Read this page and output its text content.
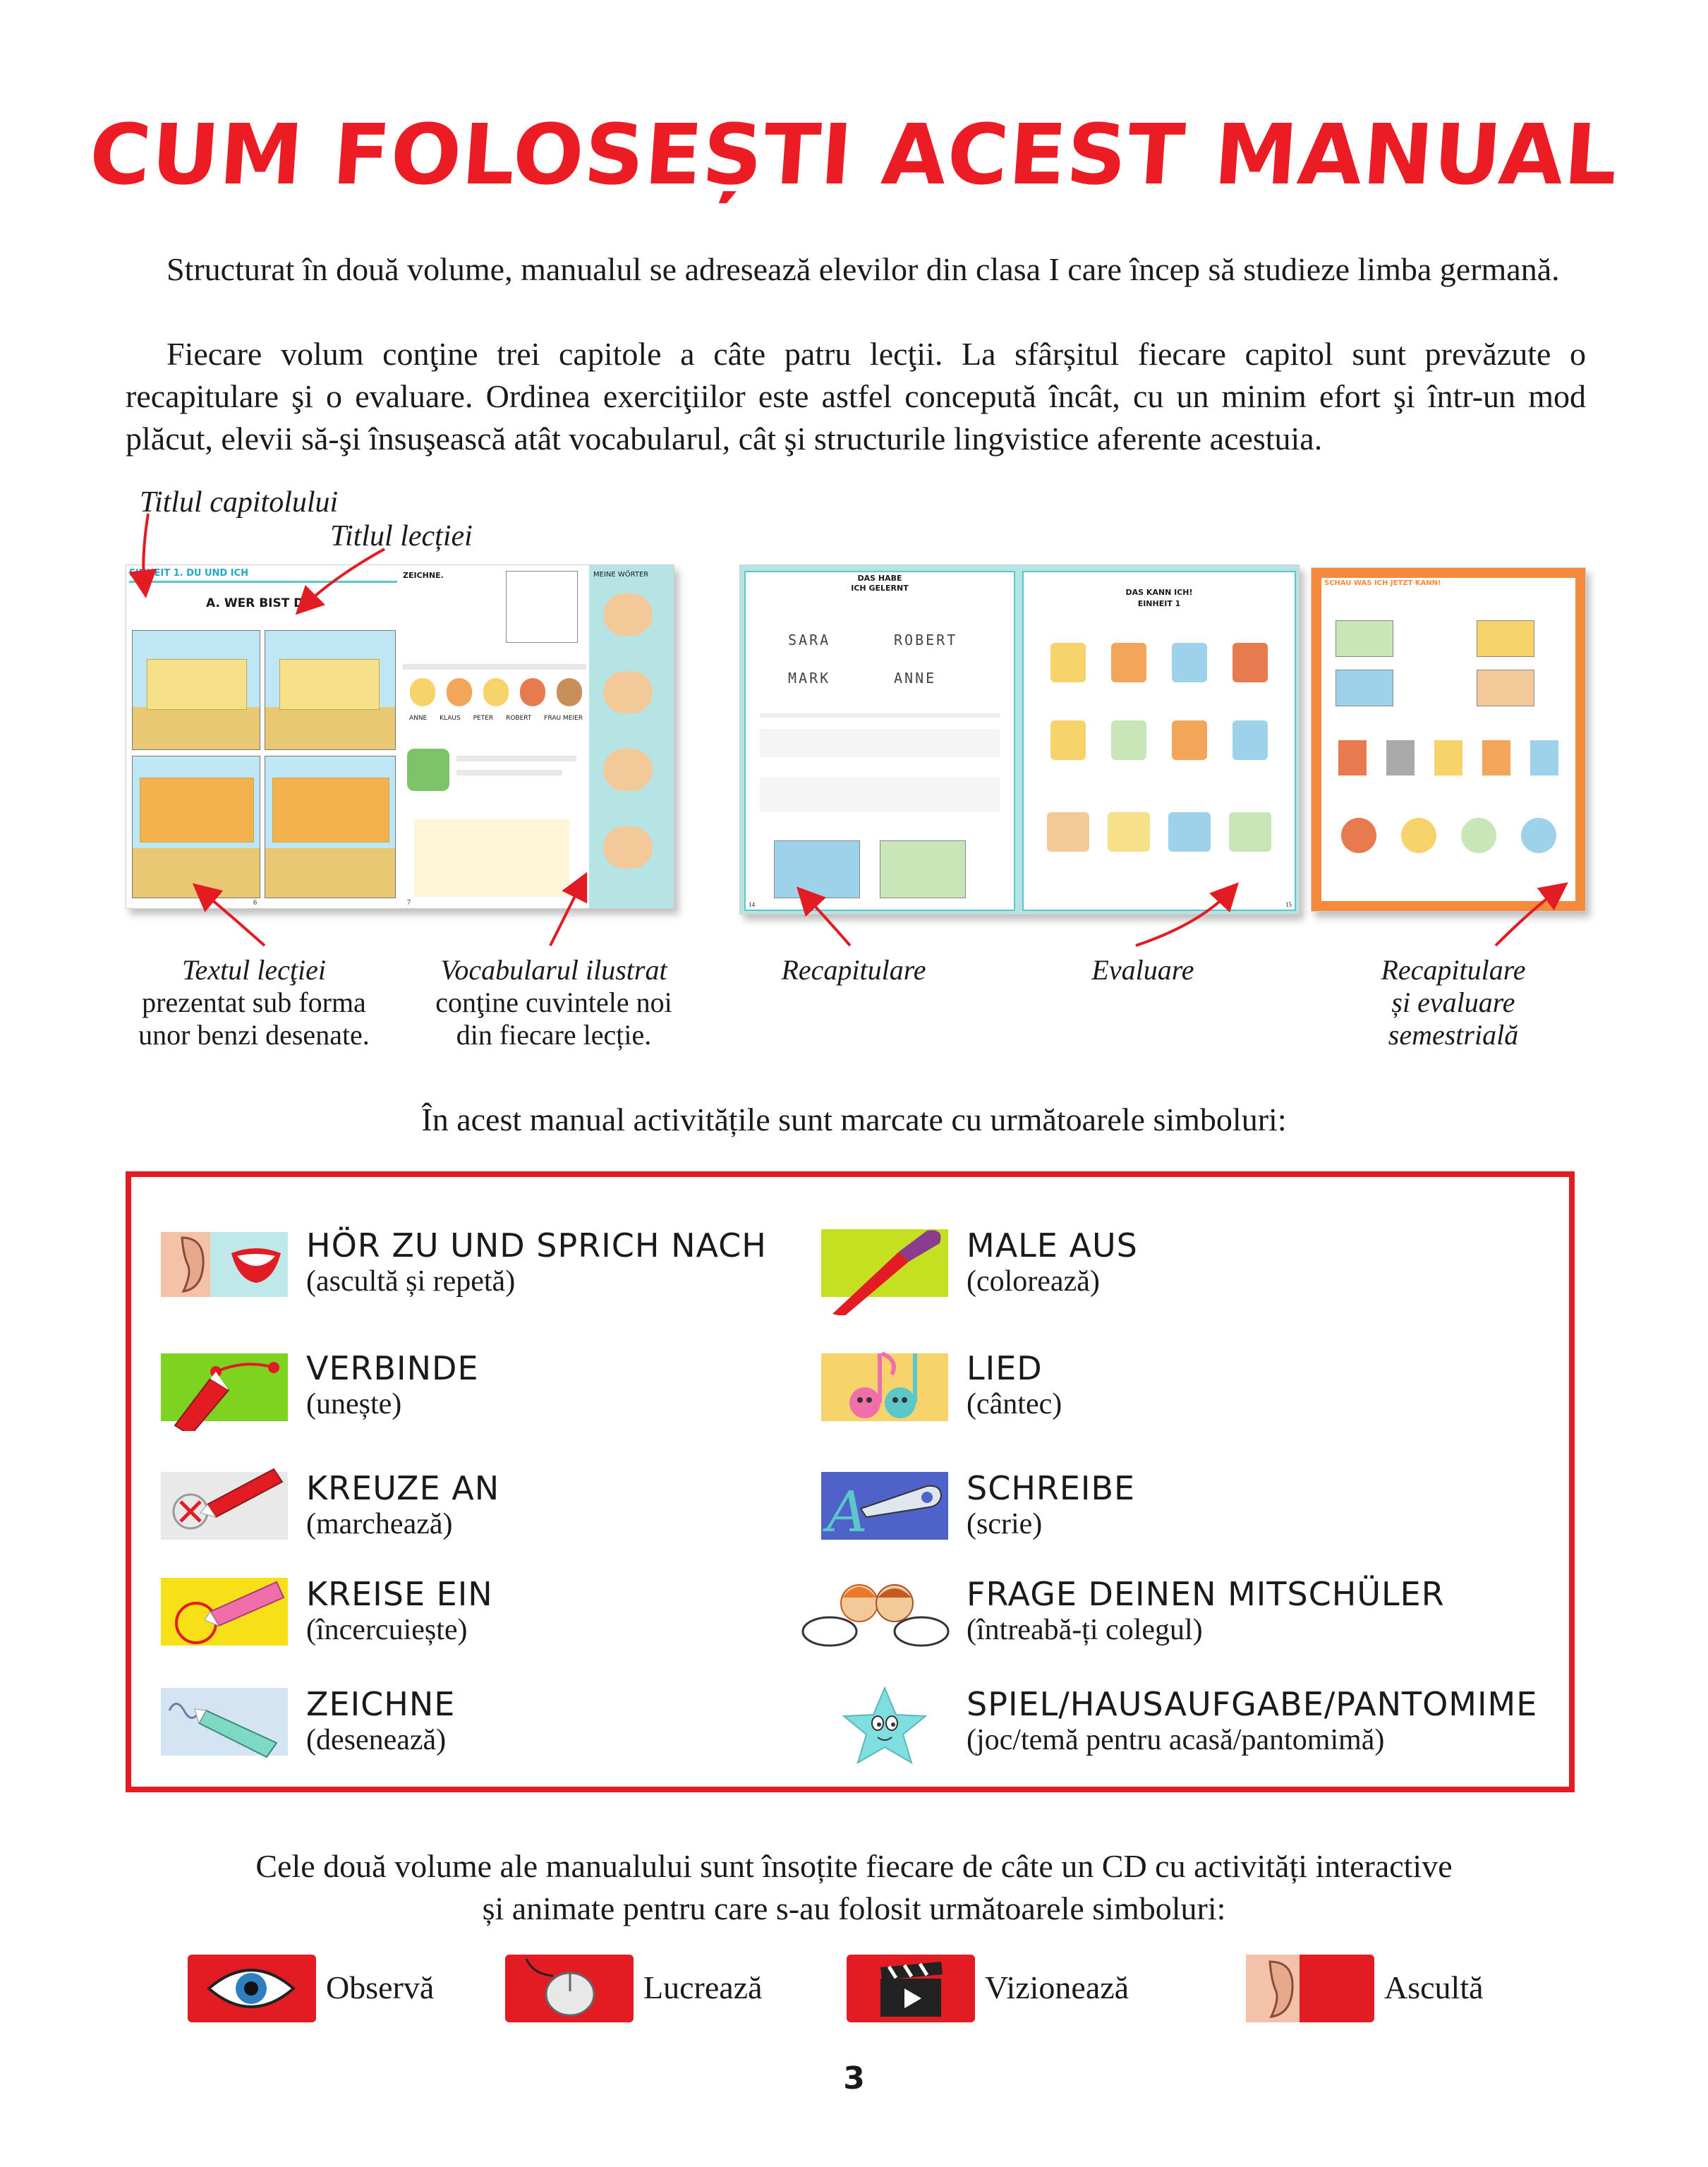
CUM FOLOSEȘTI ACEST MANUAL
Structurat în două volume, manualul se adresează elevilor din clasa I care încep să studieze limba germană.
Fiecare volum conţine trei capitole a câte patru lecţii. La sfârșitul fiecare capitol sunt prevăzute o recapitulare şi o evaluare. Ordinea exerciţiilor este astfel concepută încât, cu un minim efort şi într-un mod plăcut, elevii să-şi însuşească atât vocabularul, cât şi structurile lingvistice aferente acestuia.
Titlul capitolului
Titlul lecției
EINHEIT 1. DU UND ICH
A. WER BIST DU?
6
ZEICHNE.	MEINE WÖRTER
ANNE KLAUS PETER ROBERT FRAU MEIER
7
DAS HABE
ICH GELERNT
SARA	ROBERT
MARK	ANNE
14
DAS KANN ICH!
EINHEIT 1
15
SCHAU WAS ICH JETZT KANN!
Textul lecţiei
prezentat sub forma
unor benzi desenate.
Vocabularul ilustrat
conţine cuvintele noi
din fiecare lecție.
Recapitulare	Evaluare	Recapitulare
și evaluare
semestrială
În acest manual activitățile sunt marcate cu următoarele simboluri:
HÖR ZU UND SPRICH NACH
(ascultă și repetă)
MALE AUS
(colorează)
VERBINDE
(unește)
LIED
(cântec)
KREUZE AN
(marchează)	A	SCHREIBE
(scrie)
KREISE EIN
(încercuiește)
FRAGE DEINEN MITSCHÜLER
(întreabă-ți colegul)
ZEICHNE
(desenează)
SPIEL/HAUSAUFGABE/PANTOMIME
(joc/temă pentru acasă/pantomimă)
Cele două volume ale manualului sunt însoțite fiecare de câte un CD cu activități interactive
și animate pentru care s-au folosit următoarele simboluri:
Observă	Lucrează	Vizionează	Ascultă
3
